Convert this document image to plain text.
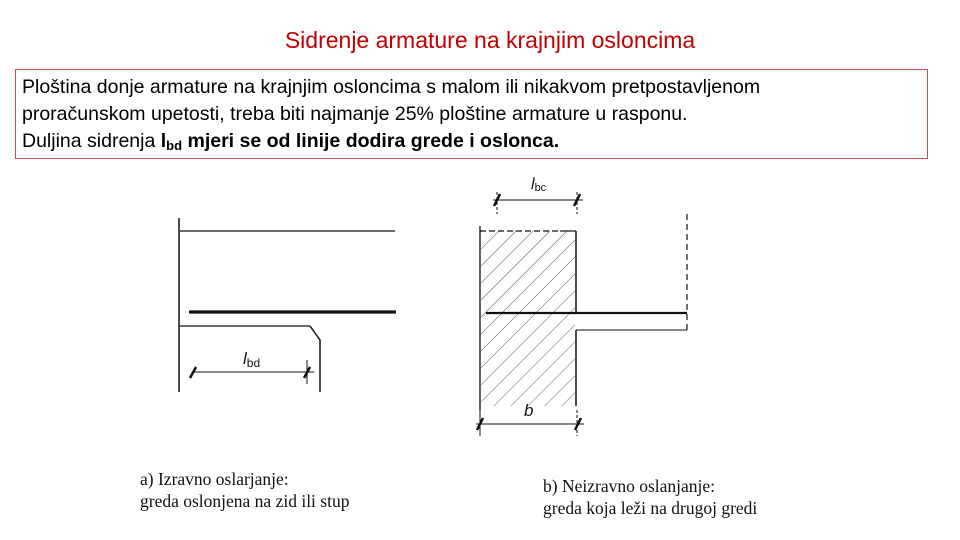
Sidrenje armature na krajnjim osloncima

Ploština donje armature na krajnjim osloncima s malom ili nikakvom pretpostavljenom

proračunskom upetosti, treba biti najmanje 25% ploštine armature u rasponu.

Duljina sidrenja $l_{bd}$ mjeri se od linije dodira grede i oslonca.

lbd
lbc
b

a) Izravno oslarjanje:

greda oslonjena na zid ili stup

b) Neizravno oslanjanje:

greda koja leži na drugoj gredi
